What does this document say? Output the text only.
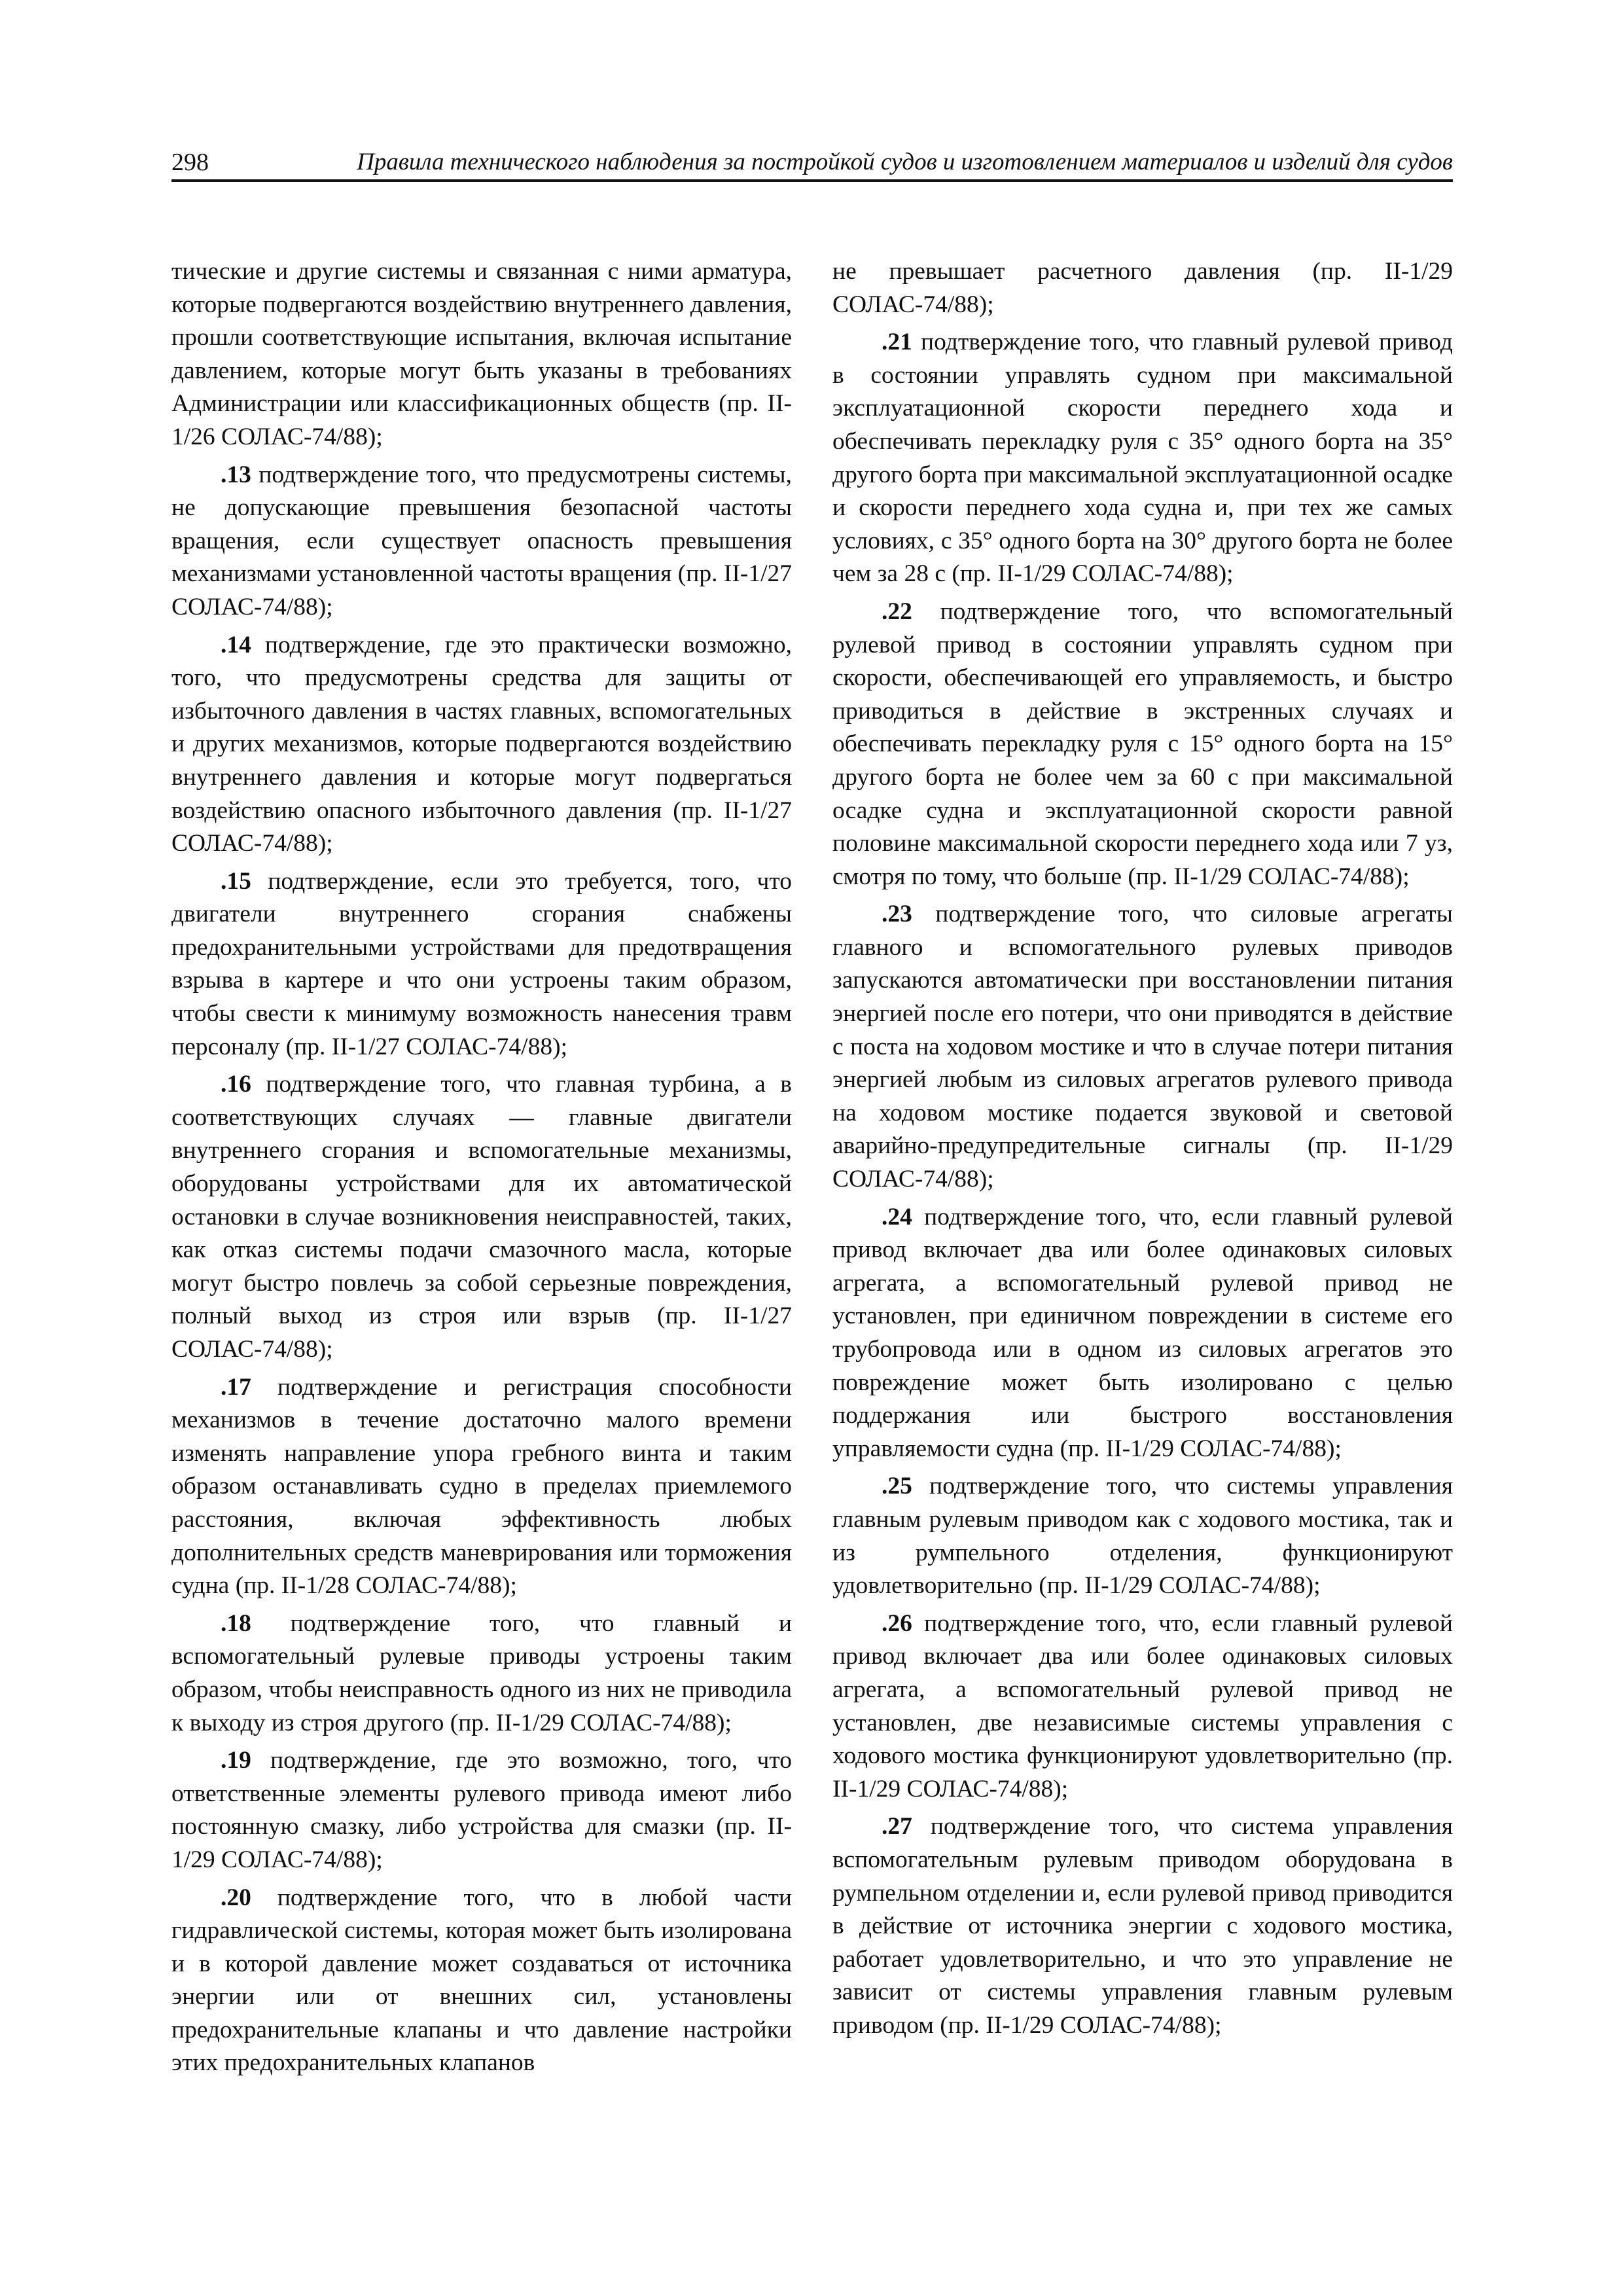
298	Правила технического наблюдения за постройкой судов и изготовлением материалов и изделий для судов

тические и другие системы и связанная с ними арматура, которые подвергаются воздействию внутреннего давления, прошли соответствующие испытания, включая испытание давлением, которые могут быть указаны в требованиях Администрации или классификационных обществ (пр. II-1/26 СОЛАС-74/88);

.13 подтверждение того, что предусмотрены системы, не допускающие превышения безопасной частоты вращения, если существует опасность превышения механизмами установленной частоты вращения (пр. II-1/27 СОЛАС-74/88);

.14 подтверждение, где это практически возможно, того, что предусмотрены средства для защиты от избыточного давления в частях главных, вспомогательных и других механизмов, которые подвергаются воздействию внутреннего давления и которые могут подвергаться воздействию опасного избыточного давления (пр. II-1/27 СОЛАС-74/88);

.15 подтверждение, если это требуется, того, что двигатели внутреннего сгорания снабжены предохранительными устройствами для предотвращения взрыва в картере и что они устроены таким образом, чтобы свести к минимуму возможность нанесения травм персоналу (пр. II-1/27 СОЛАС-74/88);

.16 подтверждение того, что главная турбина, а в соответствующих случаях — главные двигатели внутреннего сгорания и вспомогательные механизмы, оборудованы устройствами для их автоматической остановки в случае возникновения неисправностей, таких, как отказ системы подачи смазочного масла, которые могут быстро повлечь за собой серьезные повреждения, полный выход из строя или взрыв (пр. II-1/27 СОЛАС-74/88);

.17 подтверждение и регистрация способности механизмов в течение достаточно малого времени изменять направление упора гребного винта и таким образом останавливать судно в пределах приемлемого расстояния, включая эффективность любых дополнительных средств маневрирования или торможения судна (пр. II-1/28 СОЛАС-74/88);

.18 подтверждение того, что главный и вспомогательный рулевые приводы устроены таким образом, чтобы неисправность одного из них не приводила к выходу из строя другого (пр. II-1/29 СОЛАС-74/88);

.19 подтверждение, где это возможно, того, что ответственные элементы рулевого привода имеют либо постоянную смазку, либо устройства для смазки (пр. II-1/29 СОЛАС-74/88);

.20 подтверждение того, что в любой части гидравлической системы, которая может быть изолирована и в которой давление может создаваться от источника энергии или от внешних сил, установлены предохранительные клапаны и что давление настройки этих предохранительных клапанов

не превышает расчетного давления (пр. II-1/29 СОЛАС-74/88);

.21 подтверждение того, что главный рулевой привод в состоянии управлять судном при максимальной эксплуатационной скорости переднего хода и обеспечивать перекладку руля с 35° одного борта на 35° другого борта при максимальной эксплуатационной осадке и скорости переднего хода судна и, при тех же самых условиях, с 35° одного борта на 30° другого борта не более чем за 28 с (пр. II-1/29 СОЛАС-74/88);

.22 подтверждение того, что вспомогательный рулевой привод в состоянии управлять судном при скорости, обеспечивающей его управляемость, и быстро приводиться в действие в экстренных случаях и обеспечивать перекладку руля с 15° одного борта на 15° другого борта не более чем за 60 с при максимальной осадке судна и эксплуатационной скорости равной половине максимальной скорости переднего хода или 7 уз, смотря по тому, что больше (пр. II-1/29 СОЛАС-74/88);

.23 подтверждение того, что силовые агрегаты главного и вспомогательного рулевых приводов запускаются автоматически при восстановлении питания энергией после его потери, что они приводятся в действие с поста на ходовом мостике и что в случае потери питания энергией любым из силовых агрегатов рулевого привода на ходовом мостике подается звуковой и световой аварийно-предупредительные сигналы (пр. II-1/29 СОЛАС-74/88);

.24 подтверждение того, что, если главный рулевой привод включает два или более одинаковых силовых агрегата, а вспомогательный рулевой привод не установлен, при единичном повреждении в системе его трубопровода или в одном из силовых агрегатов это повреждение может быть изолировано с целью поддержания или быстрого восстановления управляемости судна (пр. II-1/29 СОЛАС-74/88);

.25 подтверждение того, что системы управления главным рулевым приводом как с ходового мостика, так и из румпельного отделения, функционируют удовлетворительно (пр. II-1/29 СОЛАС-74/88);

.26 подтверждение того, что, если главный рулевой привод включает два или более одинаковых силовых агрегата, а вспомогательный рулевой привод не установлен, две независимые системы управления с ходового мостика функционируют удовлетворительно (пр. II-1/29 СОЛАС-74/88);

.27 подтверждение того, что система управления вспомогательным рулевым приводом оборудована в румпельном отделении и, если рулевой привод приводится в действие от источника энергии с ходового мостика, работает удовлетворительно, и что это управление не зависит от системы управления главным рулевым приводом (пр. II-1/29 СОЛАС-74/88);
